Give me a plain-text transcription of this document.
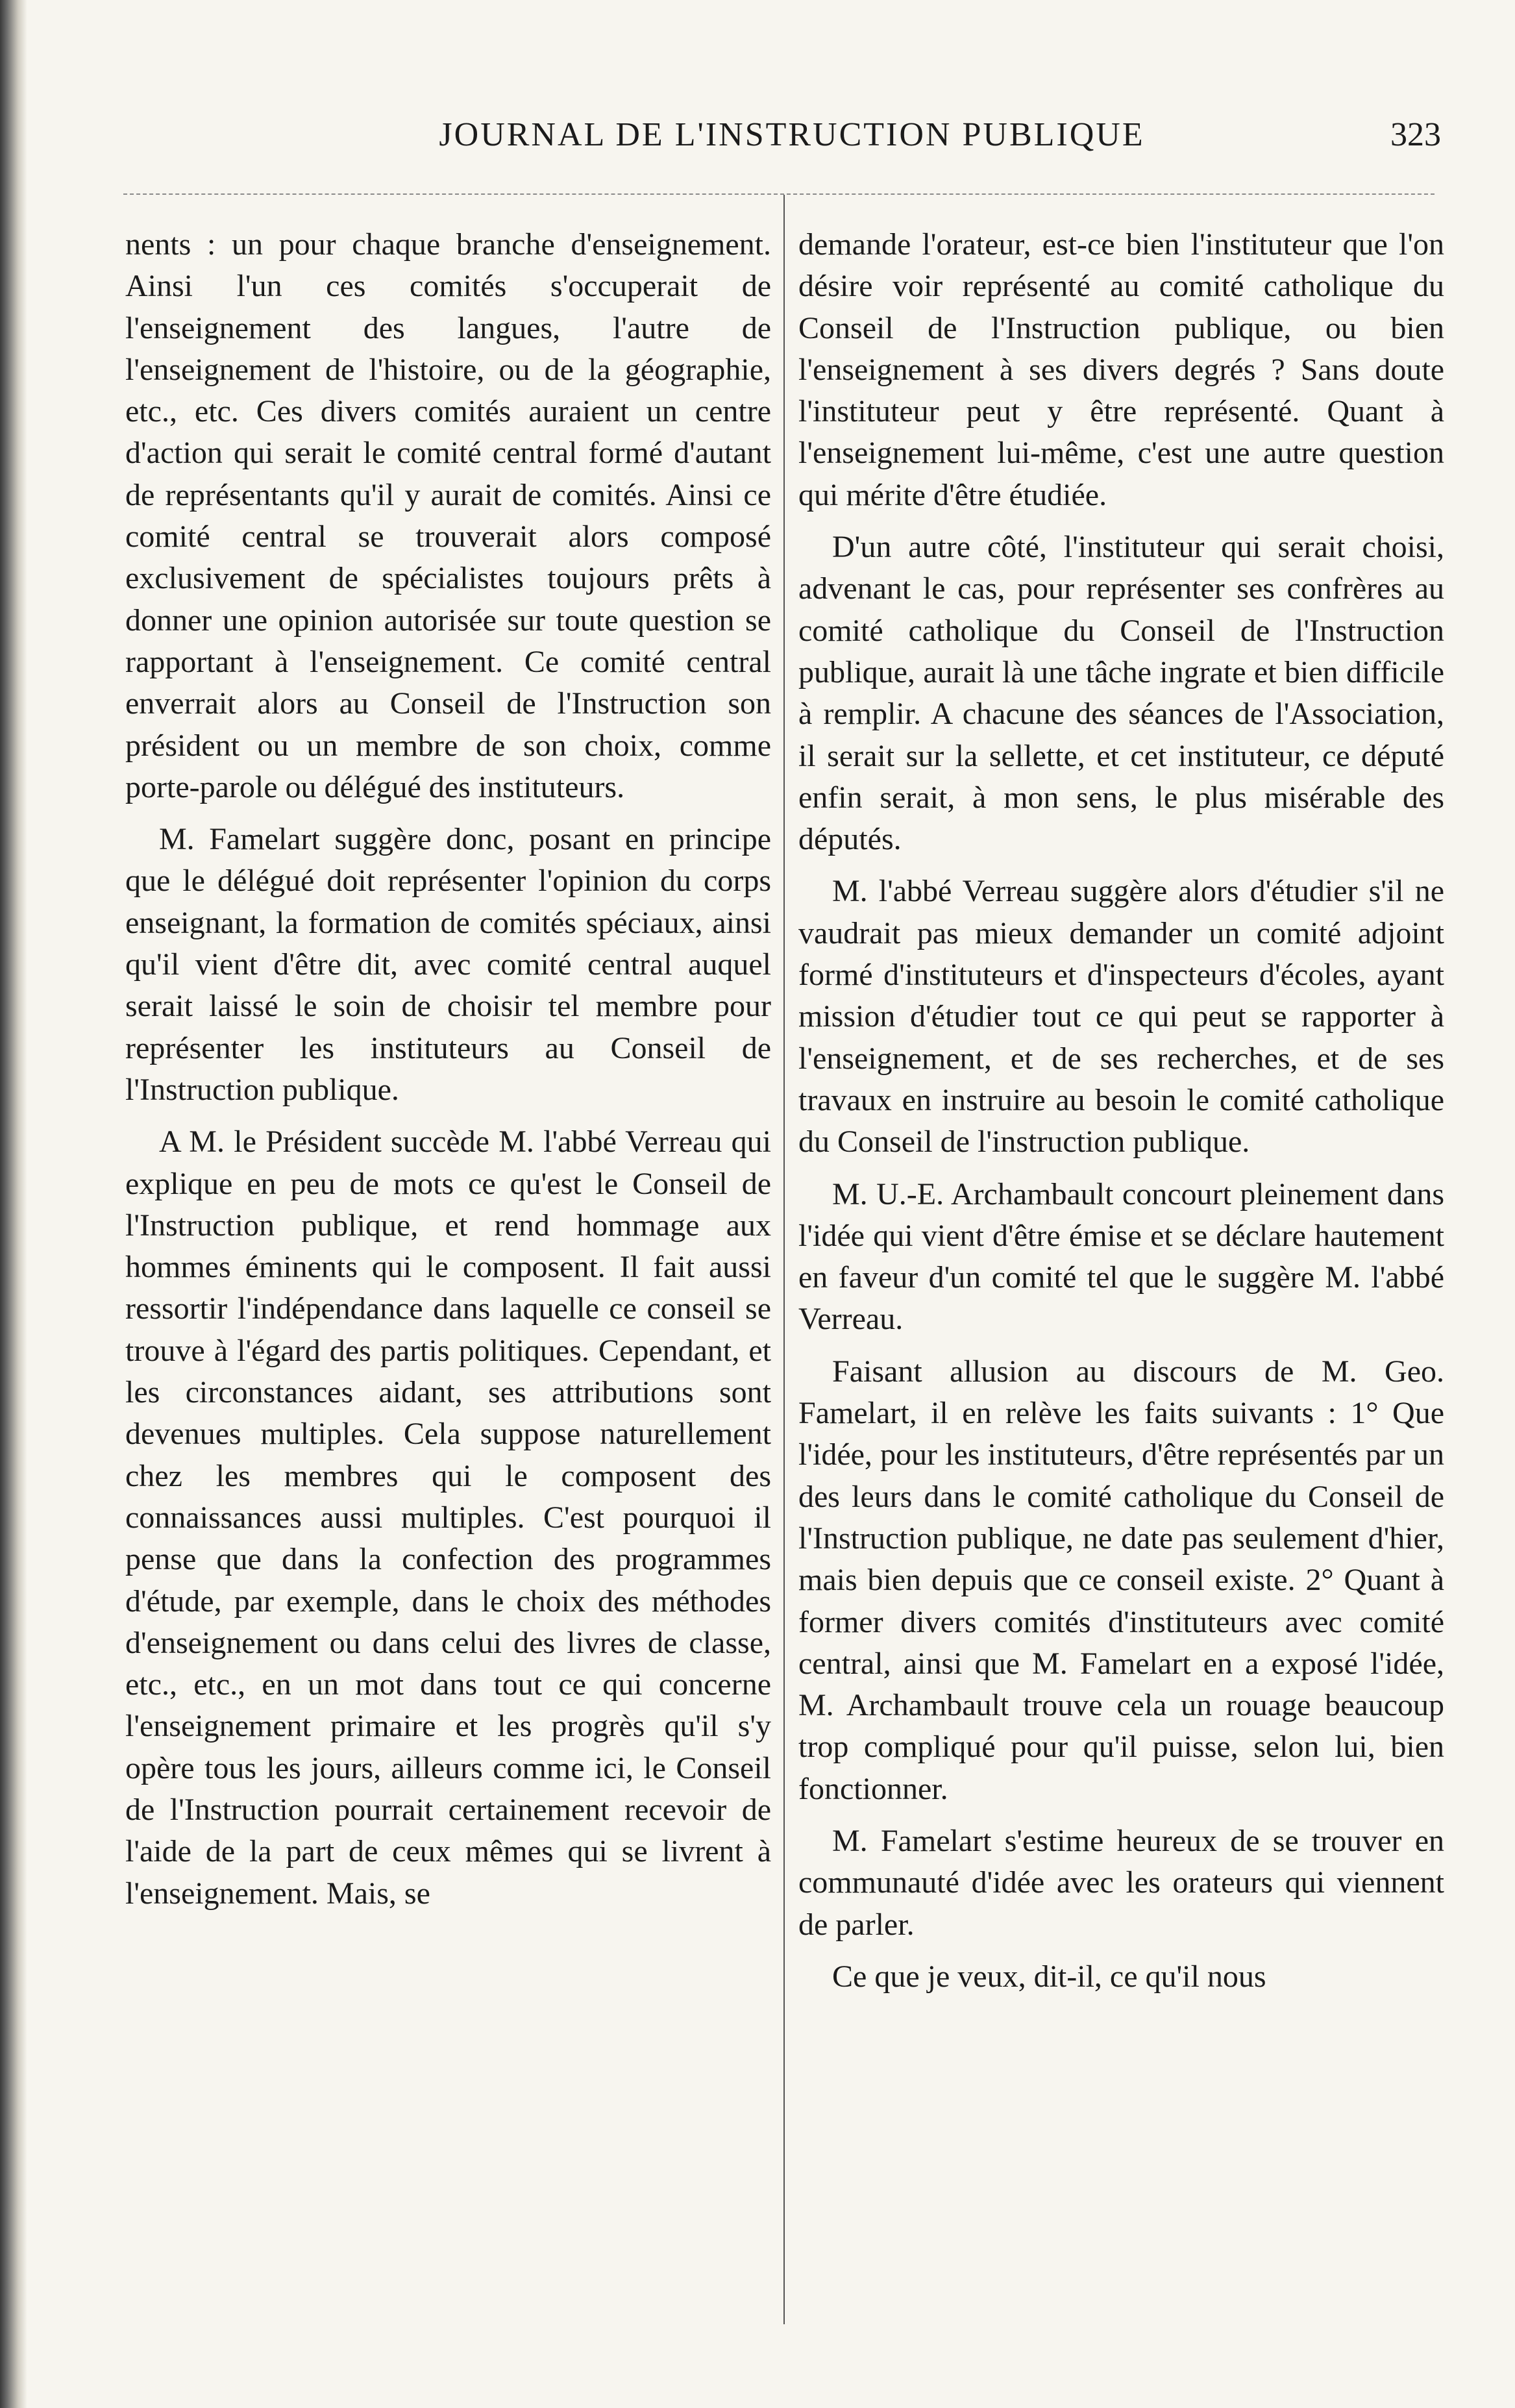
JOURNAL DE L'INSTRUCTION PUBLIQUE	323

nents : un pour chaque branche d'enseignement. Ainsi l'un ces comités s'occuperait de l'enseignement des langues, l'autre de l'enseignement de l'histoire, ou de la géographie, etc., etc. Ces divers comités auraient un centre d'action qui serait le comité central formé d'autant de représentants qu'il y aurait de comités. Ainsi ce comité central se trouverait alors composé exclusivement de spécialistes toujours prêts à donner une opinion autorisée sur toute question se rapportant à l'enseignement. Ce comité central enverrait alors au Conseil de l'Instruction son président ou un membre de son choix, comme porte-parole ou délégué des instituteurs.

M. Famelart suggère donc, posant en principe que le délégué doit représenter l'opinion du corps enseignant, la formation de comités spéciaux, ainsi qu'il vient d'être dit, avec comité central auquel serait laissé le soin de choisir tel membre pour représenter les instituteurs au Conseil de l'Instruction publique.

A M. le Président succède M. l'abbé Verreau qui explique en peu de mots ce qu'est le Conseil de l'Instruction publique, et rend hommage aux hommes éminents qui le composent. Il fait aussi ressortir l'indépendance dans laquelle ce conseil se trouve à l'égard des partis politiques. Cependant, et les circonstances aidant, ses attributions sont devenues multiples. Cela suppose naturellement chez les membres qui le composent des connaissances aussi multiples. C'est pourquoi il pense que dans la confection des programmes d'étude, par exemple, dans le choix des méthodes d'enseignement ou dans celui des livres de classe, etc., etc., en un mot dans tout ce qui concerne l'enseignement primaire et les progrès qu'il s'y opère tous les jours, ailleurs comme ici, le Conseil de l'Instruction pourrait certainement recevoir de l'aide de la part de ceux mêmes qui se livrent à l'enseignement. Mais, se

demande l'orateur, est-ce bien l'instituteur que l'on désire voir représenté au comité catholique du Conseil de l'Instruction publique, ou bien l'enseignement à ses divers degrés ? Sans doute l'instituteur peut y être représenté. Quant à l'enseignement lui-même, c'est une autre question qui mérite d'être étudiée.

D'un autre côté, l'instituteur qui serait choisi, advenant le cas, pour représenter ses confrères au comité catholique du Conseil de l'Instruction publique, aurait là une tâche ingrate et bien difficile à remplir. A chacune des séances de l'Association, il serait sur la sellette, et cet instituteur, ce député enfin serait, à mon sens, le plus misérable des députés.

M. l'abbé Verreau suggère alors d'étudier s'il ne vaudrait pas mieux demander un comité adjoint formé d'instituteurs et d'inspecteurs d'écoles, ayant mission d'étudier tout ce qui peut se rapporter à l'enseignement, et de ses recherches, et de ses travaux en instruire au besoin le comité catholique du Conseil de l'instruction publique.

M. U.-E. Archambault concourt pleinement dans l'idée qui vient d'être émise et se déclare hautement en faveur d'un comité tel que le suggère M. l'abbé Verreau.

Faisant allusion au discours de M. Geo. Famelart, il en relève les faits suivants : 1° Que l'idée, pour les instituteurs, d'être représentés par un des leurs dans le comité catholique du Conseil de l'Instruction publique, ne date pas seulement d'hier, mais bien depuis que ce conseil existe. 2° Quant à former divers comités d'instituteurs avec comité central, ainsi que M. Famelart en a exposé l'idée, M. Archambault trouve cela un rouage beaucoup trop compliqué pour qu'il puisse, selon lui, bien fonctionner.

M. Famelart s'estime heureux de se trouver en communauté d'idée avec les orateurs qui viennent de parler.

Ce que je veux, dit-il, ce qu'il nous
